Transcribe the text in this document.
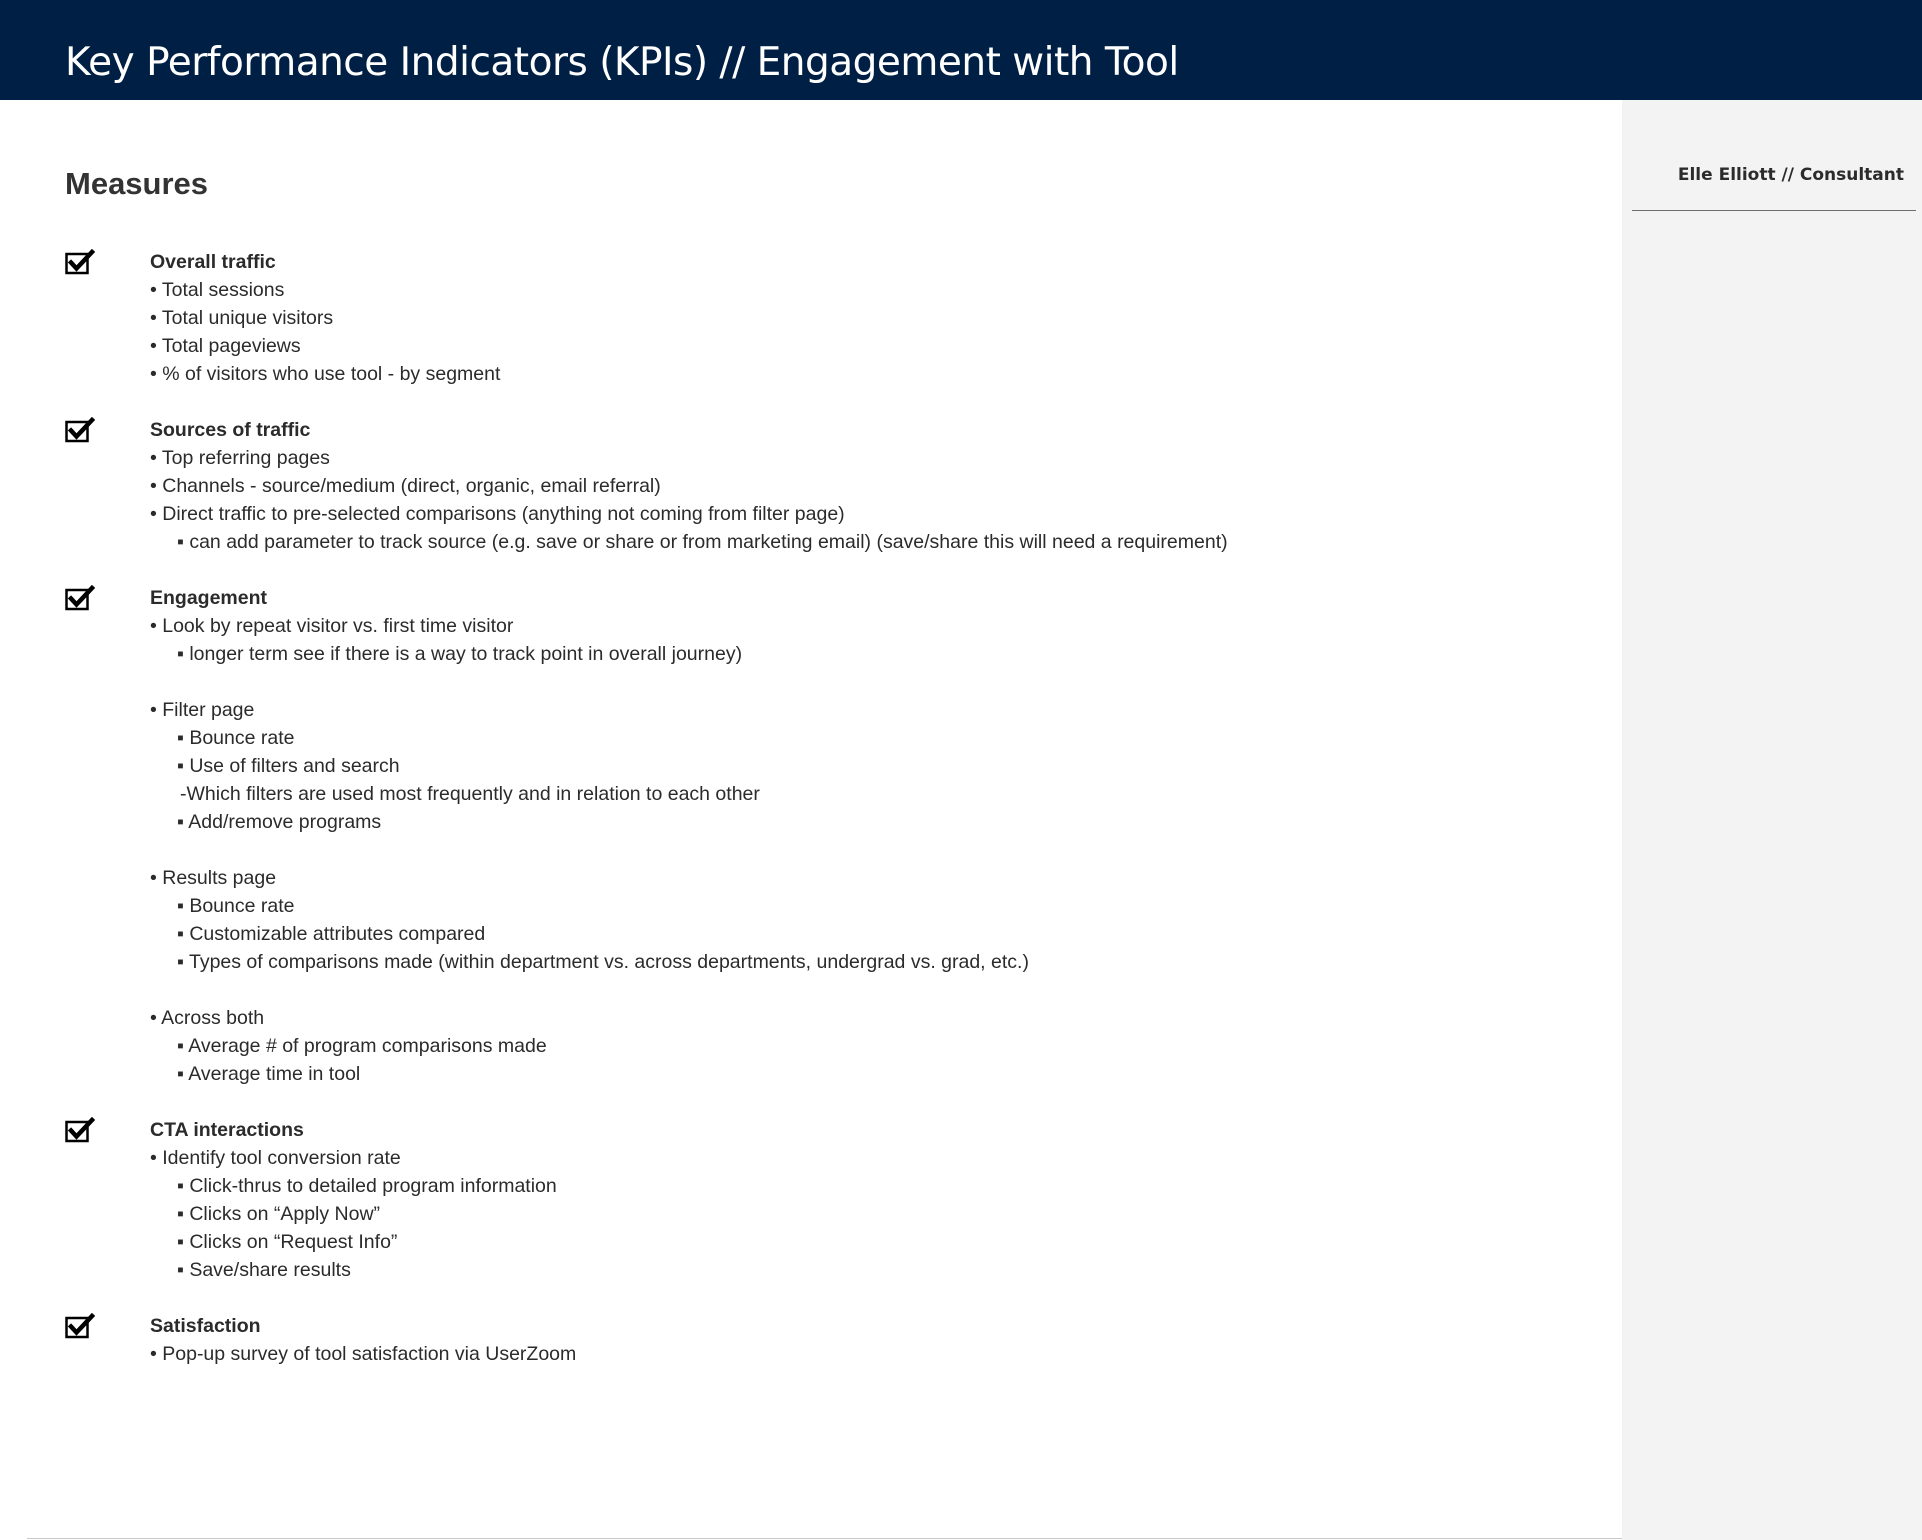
Key Performance Indicators (KPIs) // Engagement with Tool
Elle Elliott // Consultant
Measures
Overall traffic
• Total sessions
• Total unique visitors
• Total pageviews
• % of visitors who use tool - by segment
Sources of traffic
• Top referring pages
• Channels - source/medium (direct, organic, email referral)
• Direct traffic to pre-selected comparisons (anything not coming from filter page)
▪ can add parameter to track source (e.g. save or share or from marketing email) (save/share this will need a requirement)
Engagement
• Look by repeat visitor vs. first time visitor
▪ longer term see if there is a way to track point in overall journey)
• Filter page
▪ Bounce rate
▪ Use of filters and search
-Which filters are used most frequently and in relation to each other
▪ Add/remove programs
• Results page
▪ Bounce rate
▪ Customizable attributes compared
▪ Types of comparisons made (within department vs. across departments, undergrad vs. grad, etc.)
• Across both
▪ Average # of program comparisons made
▪ Average time in tool
CTA interactions
• Identify tool conversion rate
▪ Click-thrus to detailed program information
▪ Clicks on “Apply Now”
▪ Clicks on “Request Info”
▪ Save/share results
Satisfaction
• Pop-up survey of tool satisfaction via UserZoom
